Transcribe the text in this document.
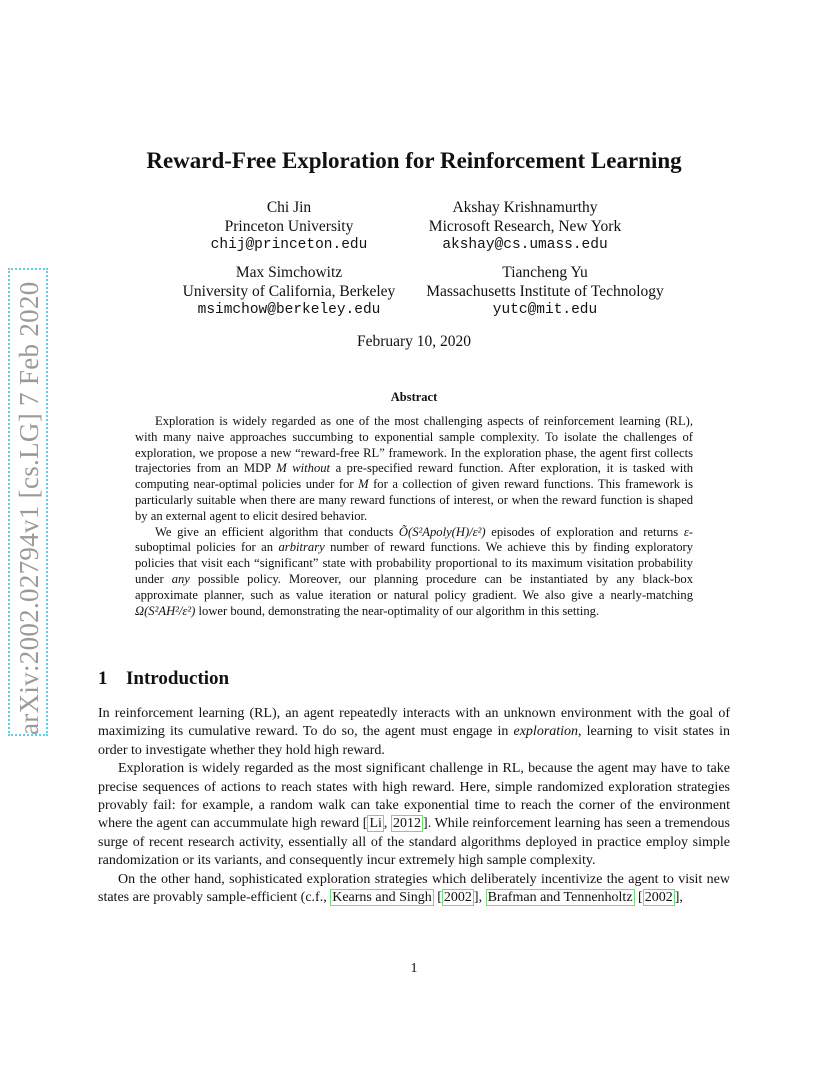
arXiv:2002.02794v1 [cs.LG] 7 Feb 2020
Reward-Free Exploration for Reinforcement Learning
Chi Jin
Princeton University
chij@princeton.edu
Akshay Krishnamurthy
Microsoft Research, New York
akshay@cs.umass.edu
Max Simchowitz
University of California, Berkeley
msimchow@berkeley.edu
Tiancheng Yu
Massachusetts Institute of Technology
yutc@mit.edu
February 10, 2020
Abstract

Exploration is widely regarded as one of the most challenging aspects of reinforcement learning (RL), with many naive approaches succumbing to exponential sample complexity. To isolate the challenges of exploration, we propose a new “reward-free RL” framework. In the exploration phase, the agent first collects trajectories from an MDP M without a pre-specified reward function. After exploration, it is tasked with computing near-optimal policies under for M for a collection of given reward functions. This framework is particularly suitable when there are many reward functions of interest, or when the reward function is shaped by an external agent to elicit desired behavior.

We give an efficient algorithm that conducts Õ(S²Apoly(H)/ε²) episodes of exploration and returns ε-suboptimal policies for an arbitrary number of reward functions. We achieve this by finding exploratory policies that visit each “significant” state with probability proportional to its maximum visitation probability under any possible policy. Moreover, our planning procedure can be instantiated by any black-box approximate planner, such as value iteration or natural policy gradient. We also give a nearly-matching Ω(S²AH²/ε²) lower bound, demonstrating the near-optimality of our algorithm in this setting.

1 Introduction

In reinforcement learning (RL), an agent repeatedly interacts with an unknown environment with the goal of maximizing its cumulative reward. To do so, the agent must engage in exploration, learning to visit states in order to investigate whether they hold high reward.

Exploration is widely regarded as the most significant challenge in RL, because the agent may have to take precise sequences of actions to reach states with high reward. Here, simple randomized exploration strategies provably fail: for example, a random walk can take exponential time to reach the corner of the environment where the agent can accummulate high reward [ Li , 2012 ]. While reinforcement learning has seen a tremendous surge of recent research activity, essentially all of the standard algorithms deployed in practice employ simple randomization or its variants, and consequently incur extremely high sample complexity.

On the other hand, sophisticated exploration strategies which deliberately incentivize the agent to visit new states are provably sample-efficient (c.f., Kearns and Singh [ 2002 ], Brafman and Tennenholtz [ 2002 ],

1
